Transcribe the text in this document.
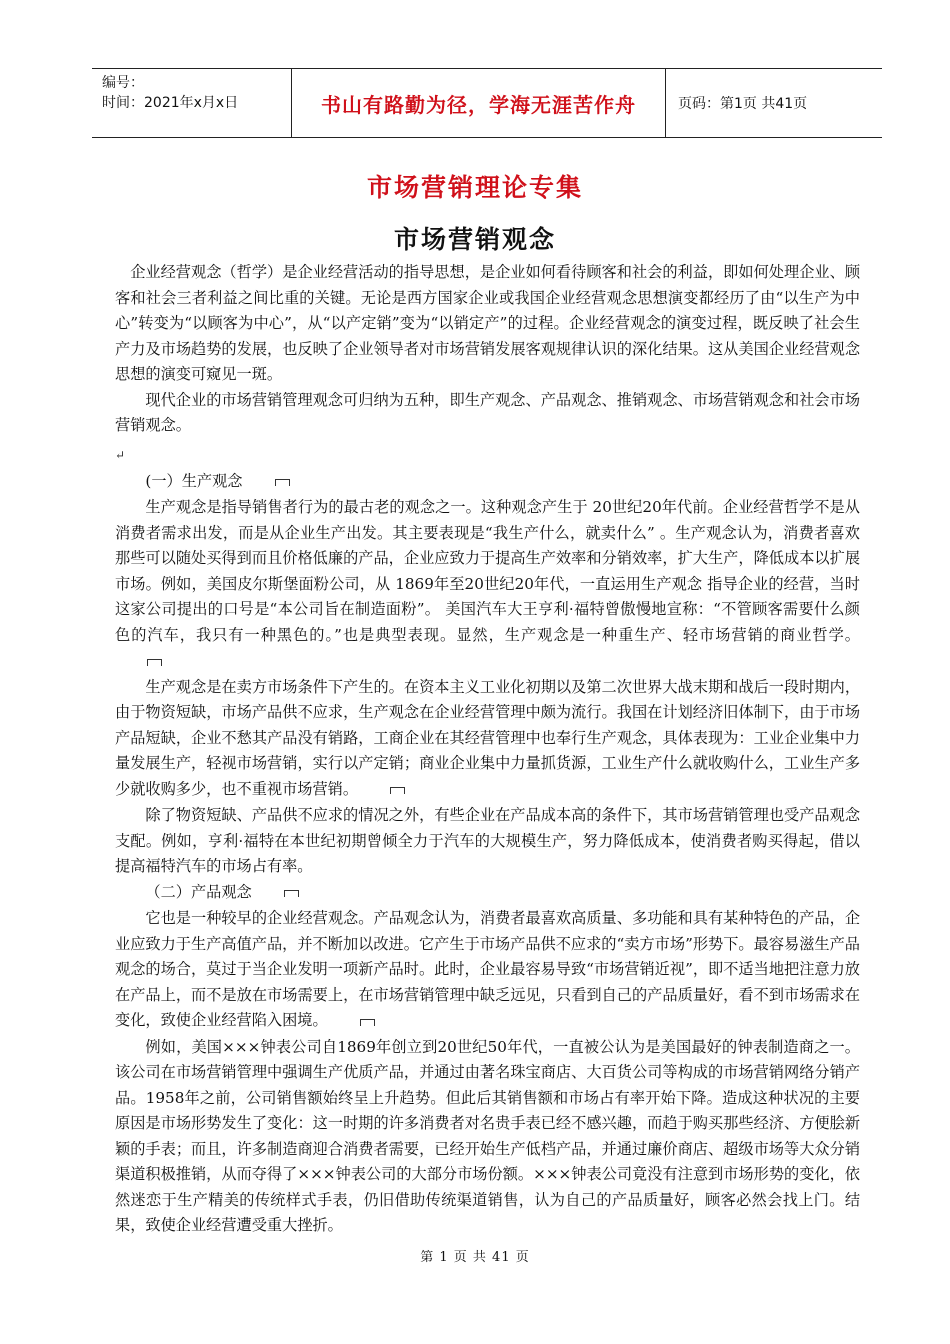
编号：
时间：2021年x月x日	书山有路勤为径，学海无涯苦作舟	页码：第1页 共41页
市场营销理论专集
市场营销观念

企业经营观念（哲学）是企业经营活动的指导思想，是企业如何看待顾客和社会的利益，即如何处理企业、顾客和社会三者利益之间比重的关键。无论是西方国家企业或我国企业经营观念思想演变都经历了由“以生产为中心”转变为“以顾客为中心”，从“以产定销”变为“以销定产”的过程。企业经营观念的演变过程，既反映了社会生产力及市场趋势的发展，也反映了企业领导者对市场营销发展客观规律认识的深化结果。这从美国企业经营观念思想的演变可窥见一斑。

现代企业的市场营销管理观念可归纳为五种，即生产观念、产品观念、推销观念、市场营销观念和社会市场营销观念。

↵

(一）生产观念

生产观念是指导销售者行为的最古老的观念之一。这种观念产生于 20世纪20年代前。企业经营哲学不是从消费者需求出发，而是从企业生产出发。其主要表现是“我生产什么，就卖什么” 。生产观念认为，消费者喜欢那些可以随处买得到而且价格低廉的产品，企业应致力于提高生产效率和分销效率，扩大生产，降低成本以扩展市场。例如，美国皮尔斯堡面粉公司，从 1869年至20世纪20年代，一直运用生产观念 指导企业的经营，当时这家公司提出的口号是“本公司旨在制造面粉”。 美国汽车大王亨利·福特曾傲慢地宣称：“不管顾客需要什么颜色的汽车，我只有一种黑色的。”也是典型表现。显然，生产观念是一种重生产、轻市场营销的商业哲学。

生产观念是在卖方市场条件下产生的。在资本主义工业化初期以及第二次世界大战末期和战后一段时期内，由于物资短缺，市场产品供不应求，生产观念在企业经营管理中颇为流行。我国在计划经济旧体制下，由于市场产品短缺，企业不愁其产品没有销路，工商企业在其经营管理中也奉行生产观念，具体表现为：工业企业集中力量发展生产，轻视市场营销，实行以产定销；商业企业集中力量抓货源，工业生产什么就收购什么，工业生产多少就收购多少，也不重视市场营销。

除了物资短缺、产品供不应求的情况之外，有些企业在产品成本高的条件下，其市场营销管理也受产品观念支配。例如，亨利·福特在本世纪初期曾倾全力于汽车的大规模生产，努力降低成本，使消费者购买得起，借以提高福特汽车的市场占有率。

（二）产品观念

它也是一种较早的企业经营观念。产品观念认为，消费者最喜欢高质量、多功能和具有某种特色的产品，企业应致力于生产高值产品，并不断加以改进。它产生于市场产品供不应求的“卖方市场”形势下。最容易滋生产品观念的场合，莫过于当企业发明一项新产品时。此时，企业最容易导致“市场营销近视”，即不适当地把注意力放在产品上，而不是放在市场需要上，在市场营销管理中缺乏远见，只看到自己的产品质量好，看不到市场需求在变化，致使企业经营陷入困境。

例如，美国×××钟表公司自1869年创立到20世纪50年代，一直被公认为是美国最好的钟表制造商之一。该公司在市场营销管理中强调生产优质产品，并通过由著名珠宝商店、大百货公司等构成的市场营销网络分销产品。1958年之前，公司销售额始终呈上升趋势。但此后其销售额和市场占有率开始下降。造成这种状况的主要原因是市场形势发生了变化：这一时期的许多消费者对名贵手表已经不感兴趣，而趋于购买那些经济、方便脍新颖的手表；而且，许多制造商迎合消费者需要，已经开始生产低档产品，并通过廉价商店、超级市场等大众分销渠道积极推销，从而夺得了×××钟表公司的大部分市场份额。×××钟表公司竟没有注意到市场形势的变化，依然迷恋于生产精美的传统样式手表，仍旧借助传统渠道销售，认为自己的产品质量好，顾客必然会找上门。结果，致使企业经营遭受重大挫折。

第 1 页 共 41 页
